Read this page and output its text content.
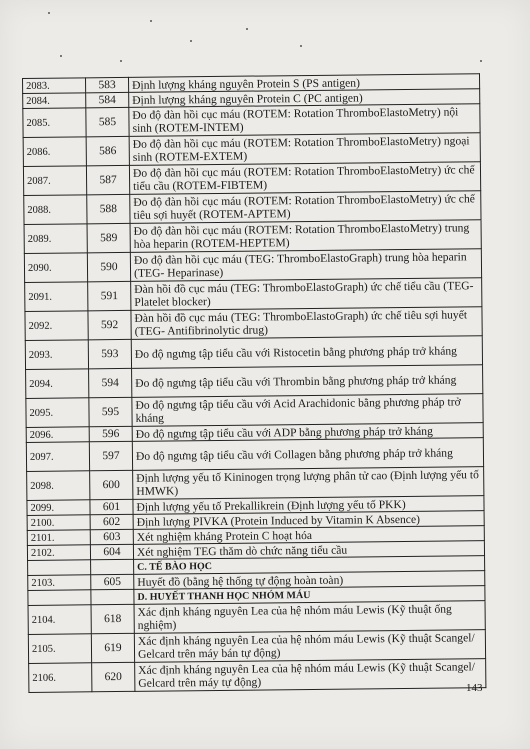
2083.	583	Định lượng kháng nguyên Protein S (PS antigen)
2084.	584	Định lượng kháng nguyên Protein C (PC antigen)
2085.	585	Đo độ đàn hồi cục máu (ROTEM: Rotation ThromboElastoMetry) nội sinh (ROTEM-INTEM)
2086.	586	Đo độ đàn hồi cục máu (ROTEM: Rotation ThromboElastoMetry) ngoại sinh (ROTEM-EXTEM)
2087.	587	Đo độ đàn hồi cục máu (ROTEM: Rotation ThromboElastoMetry) ức chế tiểu cầu (ROTEM-FIBTEM)
2088.	588	Đo độ đàn hồi cục máu (ROTEM: Rotation ThromboElastoMetry) ức chế tiêu sợi huyết (ROTEM-APTEM)
2089.	589	Đo độ đàn hồi cục máu (ROTEM: Rotation ThromboElastoMetry) trung hòa heparin (ROTEM-HEPTEM)
2090.	590	Đo độ đàn hồi cục máu (TEG: ThromboElastoGraph) trung hòa heparin (TEG- Heparinase)
2091.	591	Đàn hồi đồ cục máu (TEG: ThromboElastoGraph) ức chế tiểu cầu (TEG- Platelet blocker)
2092.	592	Đàn hồi đồ cục máu (TEG: ThromboElastoGraph) ức chế tiêu sợi huyết (TEG- Antifibrinolytic drug)
2093.	593	Đo độ ngưng tập tiểu cầu với Ristocetin bằng phương pháp trở kháng
2094.	594	Đo độ ngưng tập tiểu cầu với Thrombin bằng phương pháp trở kháng
2095.	595	Đo độ ngưng tập tiểu cầu với Acid Arachidonic bằng phương pháp trở kháng
2096.	596	Đo độ ngưng tập tiểu cầu với ADP bằng phương pháp trở kháng
2097.	597	Đo độ ngưng tập tiểu cầu với Collagen bằng phương pháp trở kháng
2098.	600	Định lượng yếu tố Kininogen trọng lượng phân tử cao (Định lượng yếu tố HMWK)
2099.	601	Định lượng yếu tố Prekallikrein (Định lượng yếu tố PKK)
2100.	602	Định lượng PIVKA (Protein Induced by Vitamin K Absence)
2101.	603	Xét nghiệm kháng Protein C hoạt hóa
2102.	604	Xét nghiệm TEG thăm dò chức năng tiểu cầu
		C. TẾ BÀO HỌC
2103.	605	Huyết đồ (bằng hệ thống tự động hoàn toàn)
		D. HUYẾT THANH HỌC NHÓM MÁU
2104.	618	Xác định kháng nguyên Lea của hệ nhóm máu Lewis (Kỹ thuật ống nghiệm)
2105.	619	Xác định kháng nguyên Lea của hệ nhóm máu Lewis (Kỹ thuật Scangel/ Gelcard trên máy bán tự động)
2106.	620	Xác định kháng nguyên Lea của hệ nhóm máu Lewis (Kỹ thuật Scangel/ Gelcard trên máy tự động)	143
